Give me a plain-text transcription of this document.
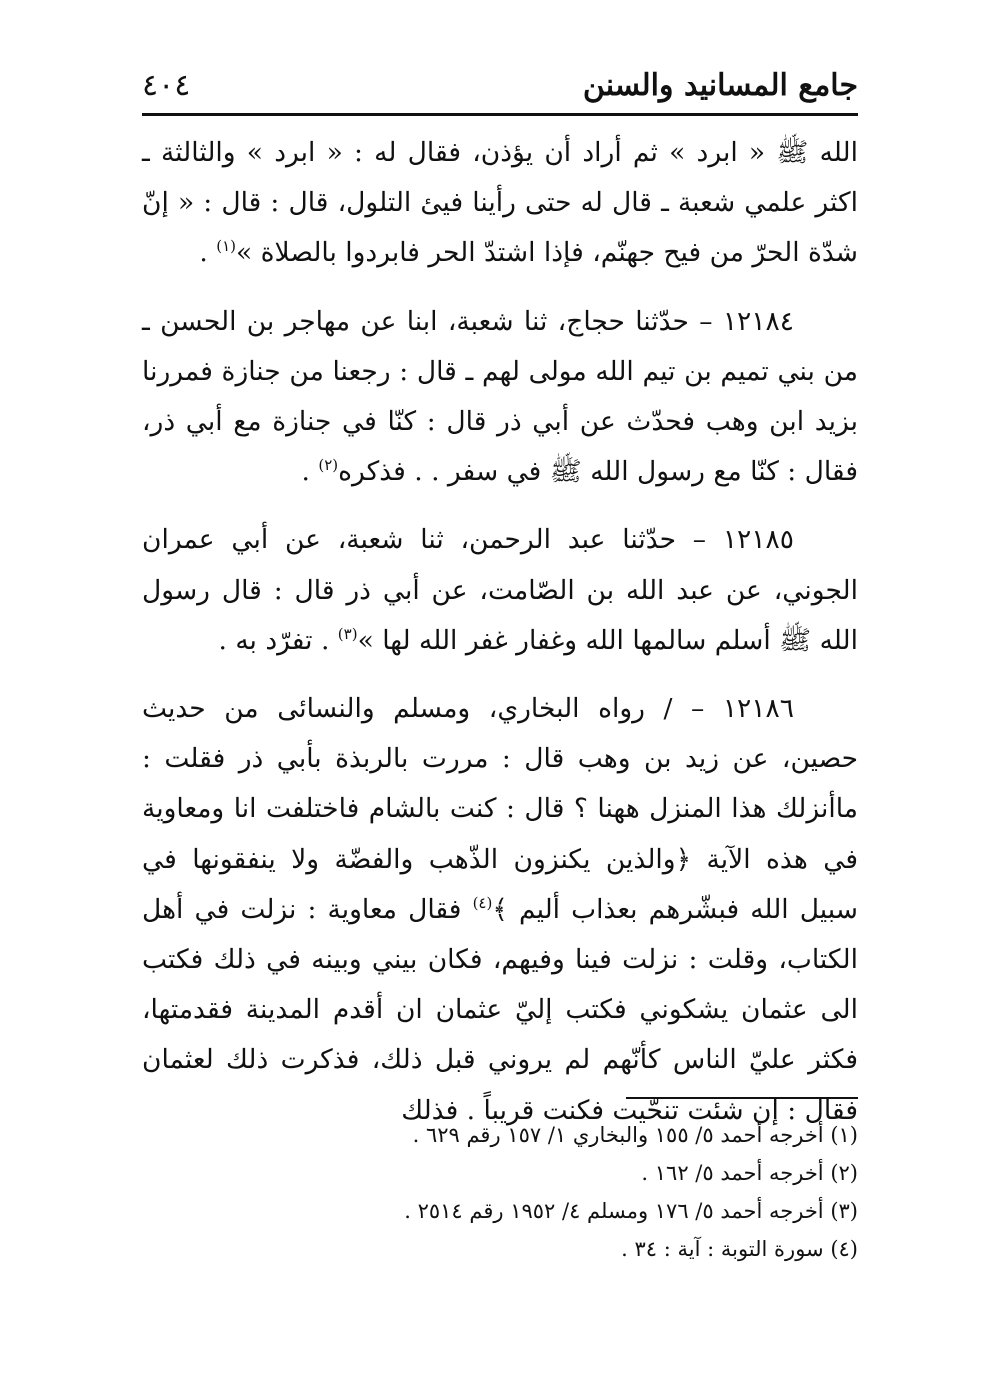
جامع المسانيد والسنن
٤٠٤

الله ﷺ « ابرد » ثم أراد أن يؤذن، فقال له : « ابرد » والثالثة ـ اكثر علمي شعبة ـ قال له حتى رأينا فيئ التلول، قال : قال : « إنّ شدّة الحرّ من فيح جهنّم، فإذا اشتدّ الحر فابردوا بالصلاة »$^{(١)}$ .

١٢١٨٤ – حدّثنا حجاج، ثنا شعبة، ابنا عن مهاجر بن الحسن ـ من بني تميم بن تيم الله مولى لهم ـ قال : رجعنا من جنازة فمررنا بزيد ابن وهب فحدّث عن أبي ذر قال : كنّا في جنازة مع أبي ذر، فقال : كنّا مع رسول الله ﷺ في سفر . . فذكره$^{(٢)}$ .

١٢١٨٥ – حدّثنا عبد الرحمن، ثنا شعبة، عن أبي عمران الجوني، عن عبد الله بن الصّامت، عن أبي ذر قال : قال رسول الله ﷺ أسلم سالمها الله وغفار غفر الله لها »$^{(٣)}$ . تفرّد به .

١٢١٨٦ – / رواه البخاري، ومسلم والنسائى من حديث حصين، عن زيد بن وهب قال : مررت بالربذة بأبي ذر فقلت : ماأنزلك هذا المنزل ههنا ؟ قال : كنت بالشام فاختلفت انا ومعاوية في هذه الآية ﴿والذين يكنزون الذّهب والفضّة ولا ينفقونها في سبيل الله فبشّرهم بعذاب أليم ﴾$^{(٤)}$ فقال معاوية : نزلت في أهل الكتاب، وقلت : نزلت فينا وفيهم، فكان بيني وبينه في ذلك فكتب الى عثمان يشكوني فكتب إليّ عثمان ان أقدم المدينة فقدمتها، فكثر عليّ الناس كأنّهم لم يروني قبل ذلك، فذكرت ذلك لعثمان فقال : إن شئت تنحّيت فكنت قريباً . فذلك

(١) أخرجه أحمد ٥/ ١٥٥ والبخاري ١/ ١٥٧ رقم ٦٢٩ .
(٢) أخرجه أحمد ٥/ ١٦٢ .
(٣) أخرجه أحمد ٥/ ١٧٦ ومسلم ٤/ ١٩٥٢ رقم ٢٥١٤ .
(٤) سورة التوبة : آية : ٣٤ .
